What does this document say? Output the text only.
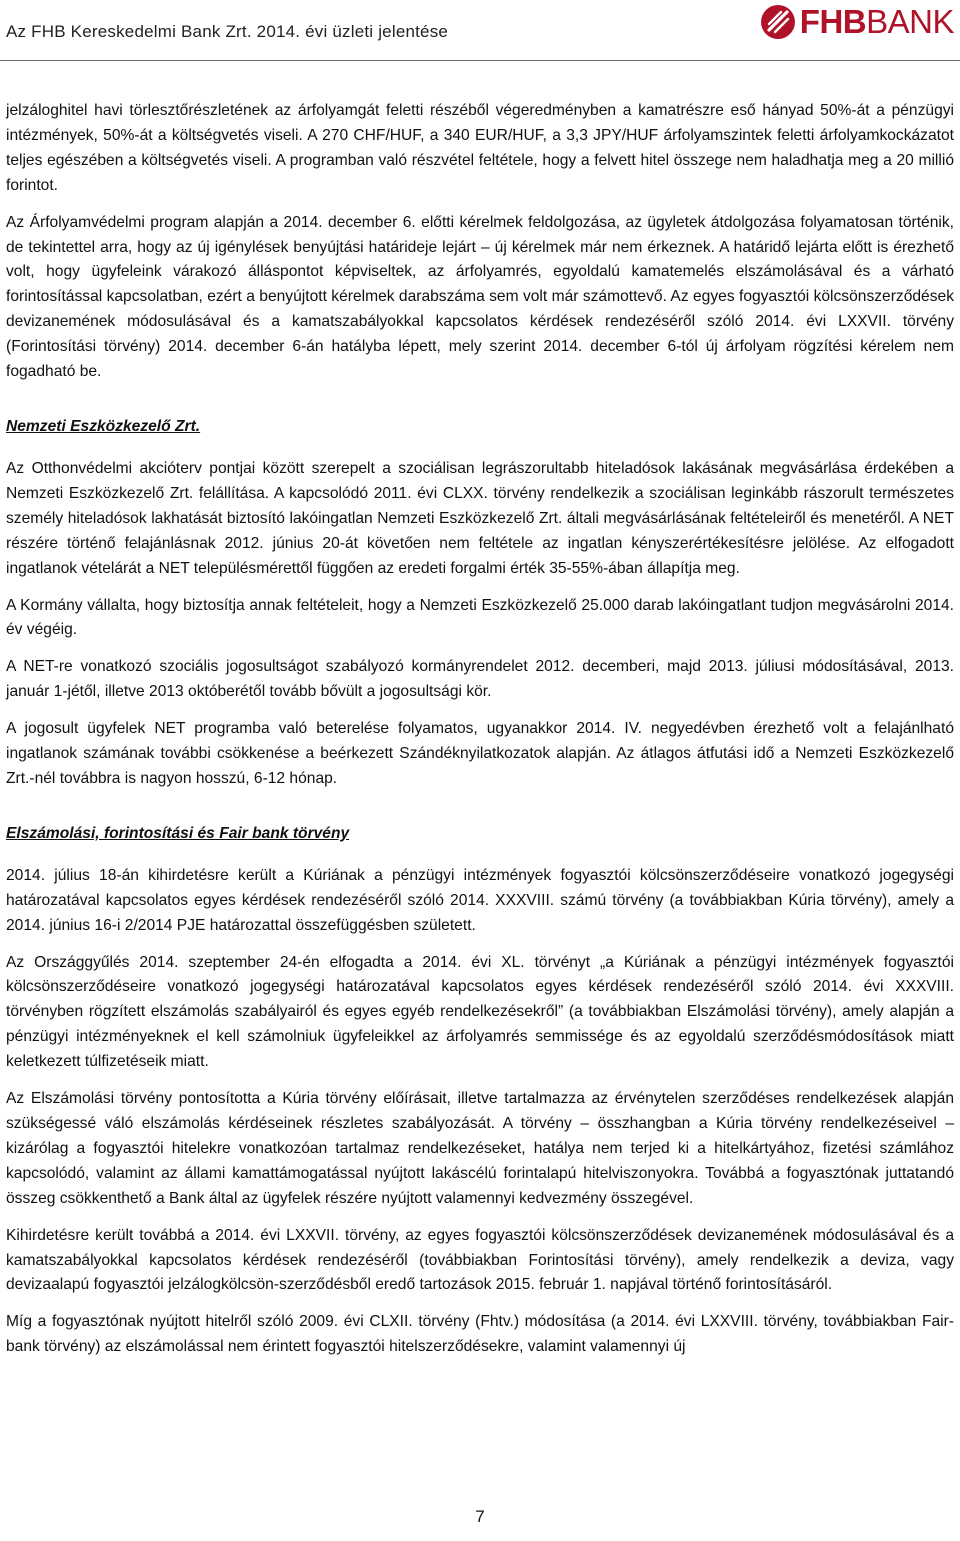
Az FHB Kereskedelmi Bank Zrt. 2014. évi üzleti jelentése	FHBBANK

jelzáloghitel havi törlesztőrészletének az árfolyamgát feletti részéből végeredményben a kamatrészre eső hányad 50%-át a pénzügyi intézmények, 50%-át a költségvetés viseli. A 270 CHF/HUF, a 340 EUR/HUF, a 3,3 JPY/HUF árfolyamszintek feletti árfolyamkockázatot teljes egészében a költségvetés viseli. A programban való részvétel feltétele, hogy a felvett hitel összege nem haladhatja meg a 20 millió forintot.

Az Árfolyamvédelmi program alapján a 2014. december 6. előtti kérelmek feldolgozása, az ügyletek átdolgozása folyamatosan történik, de tekintettel arra, hogy az új igénylések benyújtási határideje lejárt – új kérelmek már nem érkeznek. A határidő lejárta előtt is érezhető volt, hogy ügyfeleink várakozó álláspontot képviseltek, az árfolyamrés, egyoldalú kamatemelés elszámolásával és a várható forintosítással kapcsolatban, ezért a benyújtott kérelmek darabszáma sem volt már számottevő. Az egyes fogyasztói kölcsönszerződések devizanemének módosulásával és a kamatszabályokkal kapcsolatos kérdések rendezéséről szóló 2014. évi LXXVII. törvény (Forintosítási törvény) 2014. december 6-án hatályba lépett, mely szerint 2014. december 6-tól új árfolyam rögzítési kérelem nem fogadható be.

Nemzeti Eszközkezelő Zrt.

Az Otthonvédelmi akcióterv pontjai között szerepelt a szociálisan legrászorultabb hiteladósok lakásának megvásárlása érdekében a Nemzeti Eszközkezelő Zrt. felállítása. A kapcsolódó 2011. évi CLXX. törvény rendelkezik a szociálisan leginkább rászorult természetes személy hiteladósok lakhatását biztosító lakóingatlan Nemzeti Eszközkezelő Zrt. általi megvásárlásának feltételeiről és menetéről. A NET részére történő felajánlásnak 2012. június 20-át követően nem feltétele az ingatlan kényszerértékesítésre jelölése. Az elfogadott ingatlanok vételárát a NET településmérettől függően az eredeti forgalmi érték 35-55%-ában állapítja meg.

A Kormány vállalta, hogy biztosítja annak feltételeit, hogy a Nemzeti Eszközkezelő 25.000 darab lakóingatlant tudjon megvásárolni 2014. év végéig.

A NET-re vonatkozó szociális jogosultságot szabályozó kormányrendelet 2012. decemberi, majd 2013. júliusi módosításával, 2013. január 1-jétől, illetve 2013 októberétől tovább bővült a jogosultsági kör.

A jogosult ügyfelek NET programba való beterelése folyamatos, ugyanakkor 2014. IV. negyedévben érezhető volt a felajánlható ingatlanok számának további csökkenése a beérkezett Szándéknyilatkozatok alapján. Az átlagos átfutási idő a Nemzeti Eszközkezelő Zrt.-nél továbbra is nagyon hosszú, 6-12 hónap.

Elszámolási, forintosítási és Fair bank törvény

2014. július 18-án kihirdetésre került a Kúriának a pénzügyi intézmények fogyasztói kölcsönszerződéseire vonatkozó jogegységi határozatával kapcsolatos egyes kérdések rendezéséről szóló 2014. XXXVIII. számú törvény (a továbbiakban Kúria törvény), amely a 2014. június 16-i 2/2014 PJE határozattal összefüggésben született.

Az Országgyűlés 2014. szeptember 24-én elfogadta a 2014. évi XL. törvényt „a Kúriának a pénzügyi intézmények fogyasztói kölcsönszerződéseire vonatkozó jogegységi határozatával kapcsolatos egyes kérdések rendezéséről szóló 2014. évi XXXVIII. törvényben rögzített elszámolás szabályairól és egyes egyéb rendelkezésekről” (a továbbiakban Elszámolási törvény), amely alapján a pénzügyi intézményeknek el kell számolniuk ügyfeleikkel az árfolyamrés semmissége és az egyoldalú szerződésmódosítások miatt keletkezett túlfizetéseik miatt.

Az Elszámolási törvény pontosította a Kúria törvény előírásait, illetve tartalmazza az érvénytelen szerződéses rendelkezések alapján szükségessé váló elszámolás kérdéseinek részletes szabályozását. A törvény – összhangban a Kúria törvény rendelkezéseivel – kizárólag a fogyasztói hitelekre vonatkozóan tartalmaz rendelkezéseket, hatálya nem terjed ki a hitelkártyához, fizetési számlához kapcsolódó, valamint az állami kamattámogatással nyújtott lakáscélú forintalapú hitelviszonyokra. Továbbá a fogyasztónak juttatandó összeg csökkenthető a Bank által az ügyfelek részére nyújtott valamennyi kedvezmény összegével.

Kihirdetésre került továbbá a 2014. évi LXXVII. törvény, az egyes fogyasztói kölcsönszerződések devizanemének módosulásával és a kamatszabályokkal kapcsolatos kérdések rendezéséről (továbbiakban Forintosítási törvény), amely rendelkezik a deviza, vagy devizaalapú fogyasztói jelzálogkölcsön-szerződésből eredő tartozások 2015. február 1. napjával történő forintosításáról.

Míg a fogyasztónak nyújtott hitelről szóló 2009. évi CLXII. törvény (Fhtv.) módosítása (a 2014. évi LXXVIII. törvény, továbbiakban Fair-bank törvény) az elszámolással nem érintett fogyasztói hitelszerződésekre, valamint valamennyi új

7
